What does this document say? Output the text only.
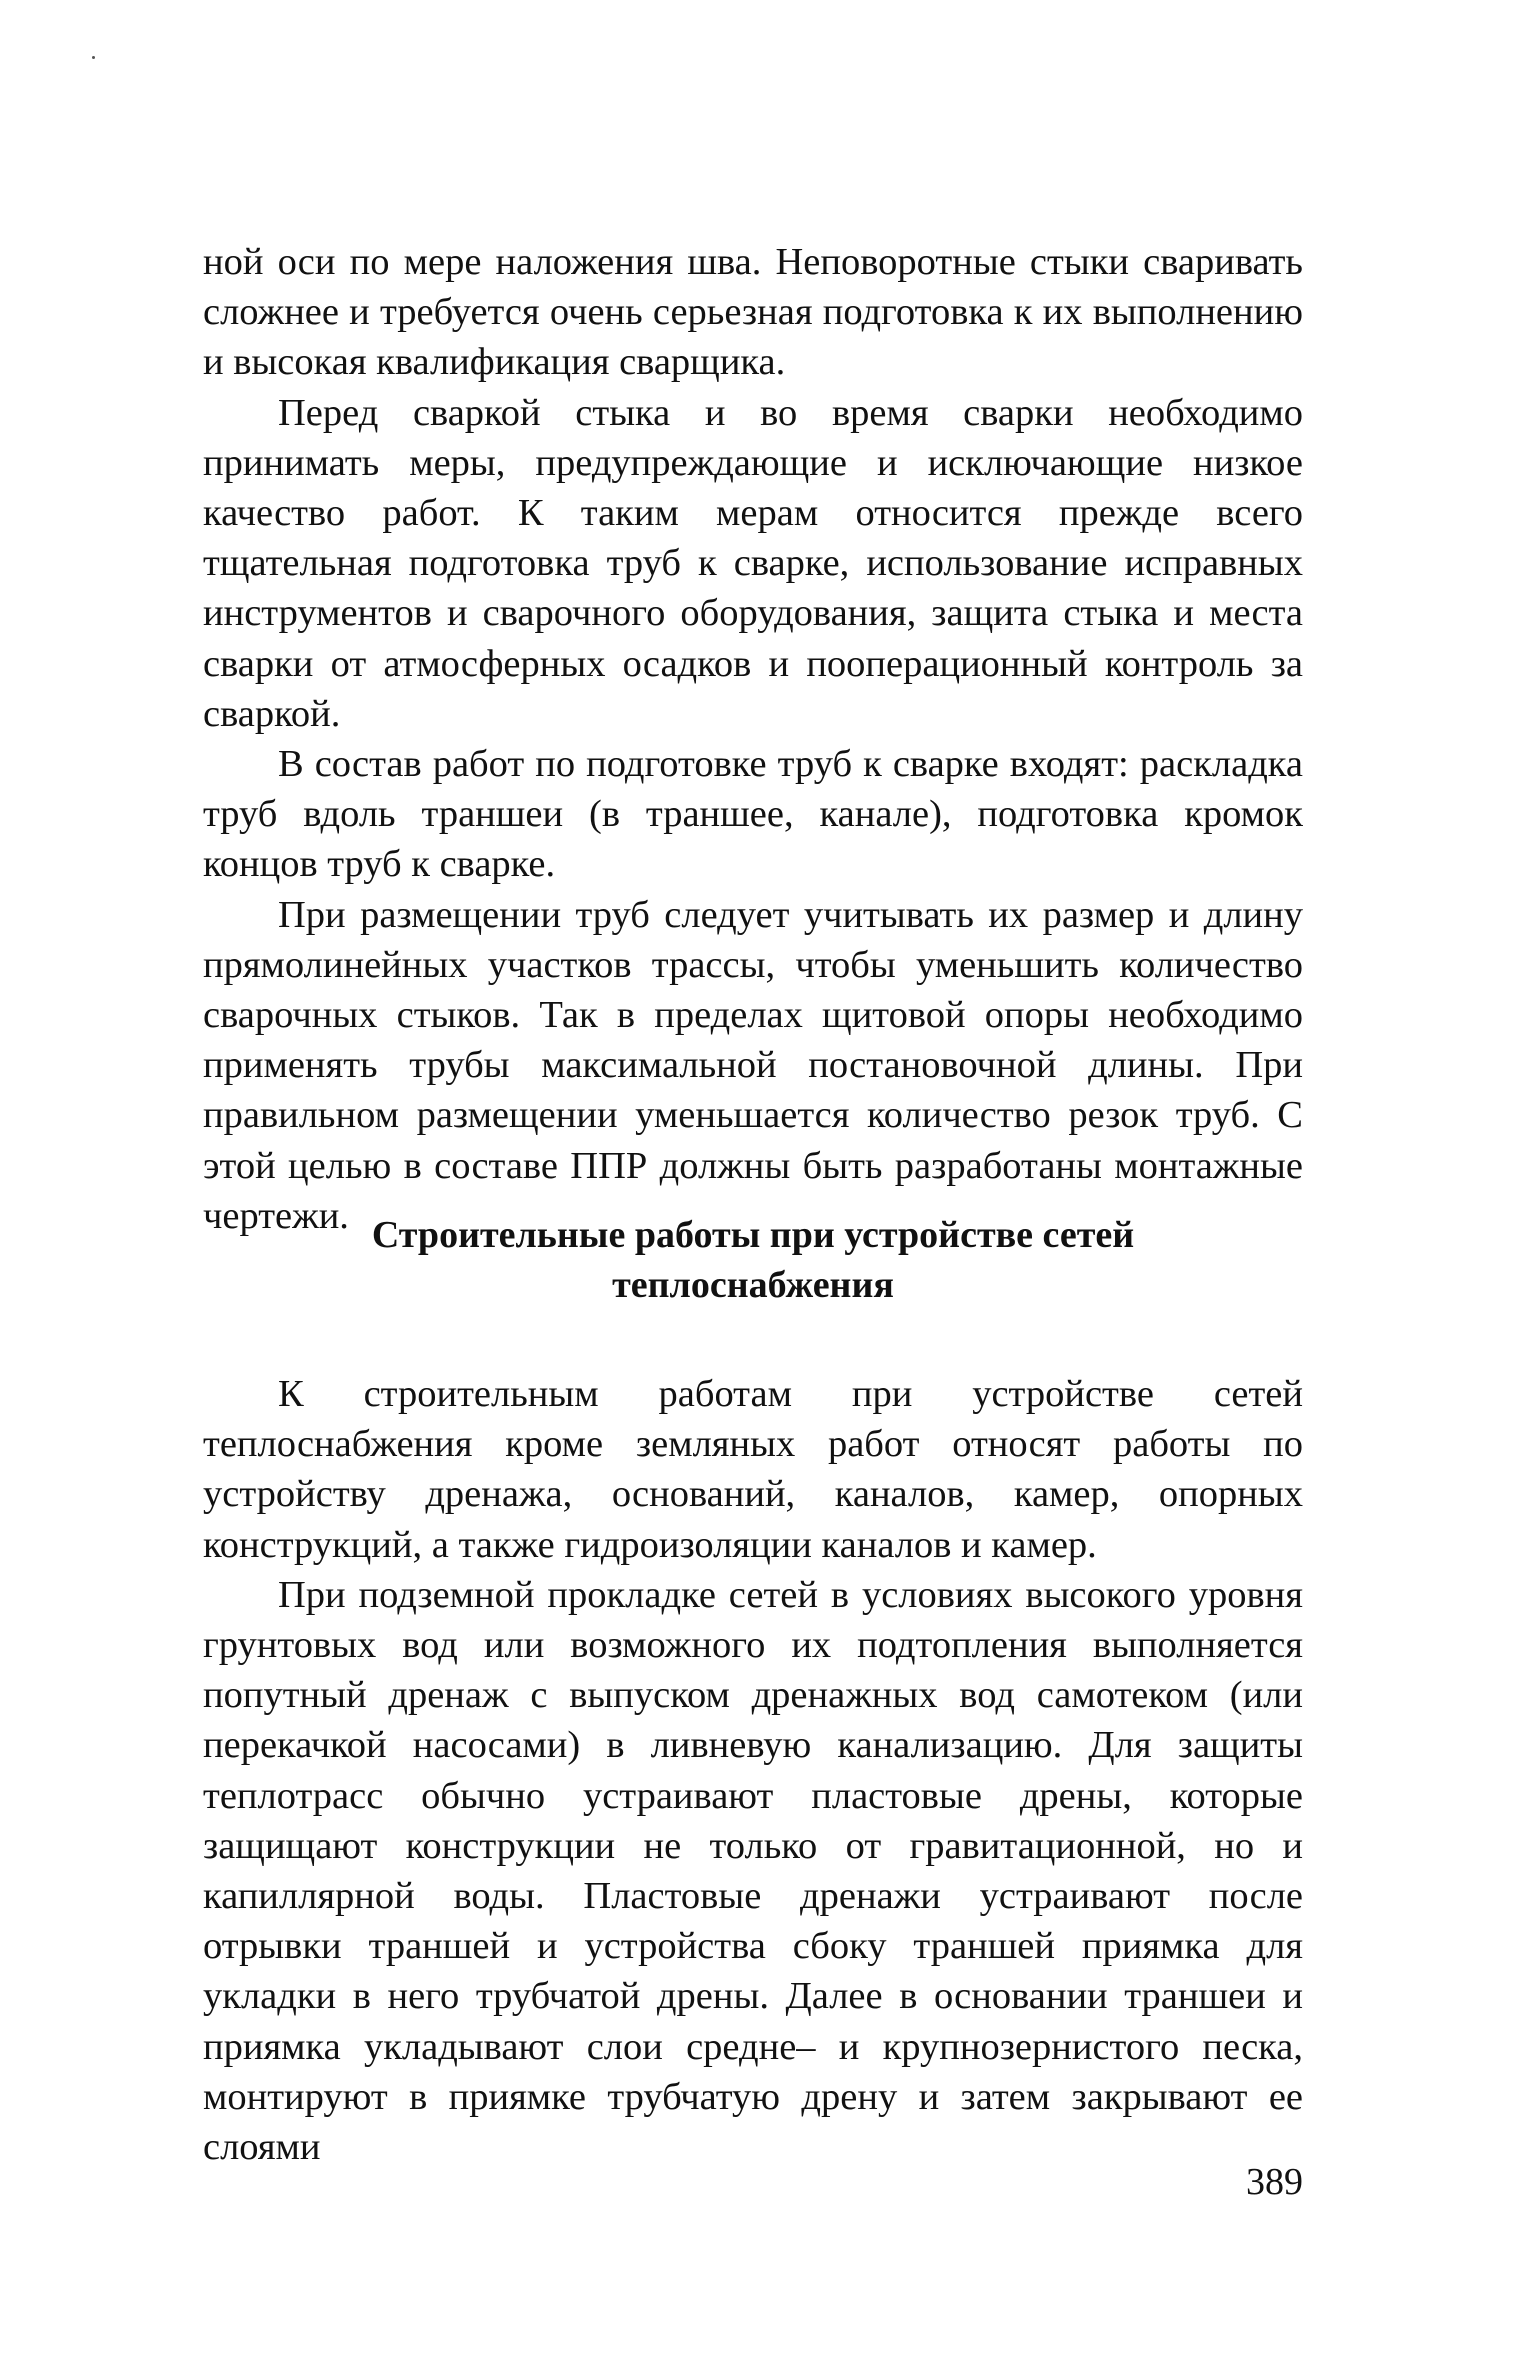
ной оси по мере наложения шва. Неповоротные стыки сваривать сложнее и требуется очень серьезная подготовка к их выполнению и высокая квалификация сварщика.

Перед сваркой стыка и во время сварки необходимо принимать меры, предупреждающие и исключающие низкое качество работ. К таким мерам относится прежде всего тщательная подготовка труб к сварке, использование исправных инструментов и сварочного оборудования, защита стыка и места сварки от атмосферных осадков и пооперационный контроль за сваркой.

В состав работ по подготовке труб к сварке входят: раскладка труб вдоль траншеи (в траншее, канале), подготовка кромок концов труб к сварке.

При размещении труб следует учитывать их размер и длину прямолинейных участков трассы, чтобы уменьшить количество сварочных стыков. Так в пределах щитовой опоры необходимо применять трубы максимальной постановочной длины. При правильном размещении уменьшается количество резок труб. С этой целью в составе ППР должны быть разработаны монтажные чертежи. Строительные работы при устройстве сетей
теплоснабжения

К строительным работам при устройстве сетей теплоснабжения кроме земляных работ относят работы по устройству дренажа, оснований, каналов, камер, опорных конструкций, а также гидроизоляции каналов и камер.

При подземной прокладке сетей в условиях высокого уровня грунтовых вод или возможного их подтопления выполняется попутный дренаж с выпуском дренажных вод самотеком (или перекачкой насосами) в ливневую канализацию. Для защиты теплотрасс обычно устраивают пластовые дрены, которые защищают конструкции не только от гравитационной, но и капиллярной воды. Пластовые дренажи устраивают после отрывки траншей и устройства сбоку траншей приямка для укладки в него трубчатой дрены. Далее в основании траншеи и приямка укладывают слои средне– и крупнозернистого песка, монтируют в приямке трубчатую дрену и затем закрывают ее слоями

389
